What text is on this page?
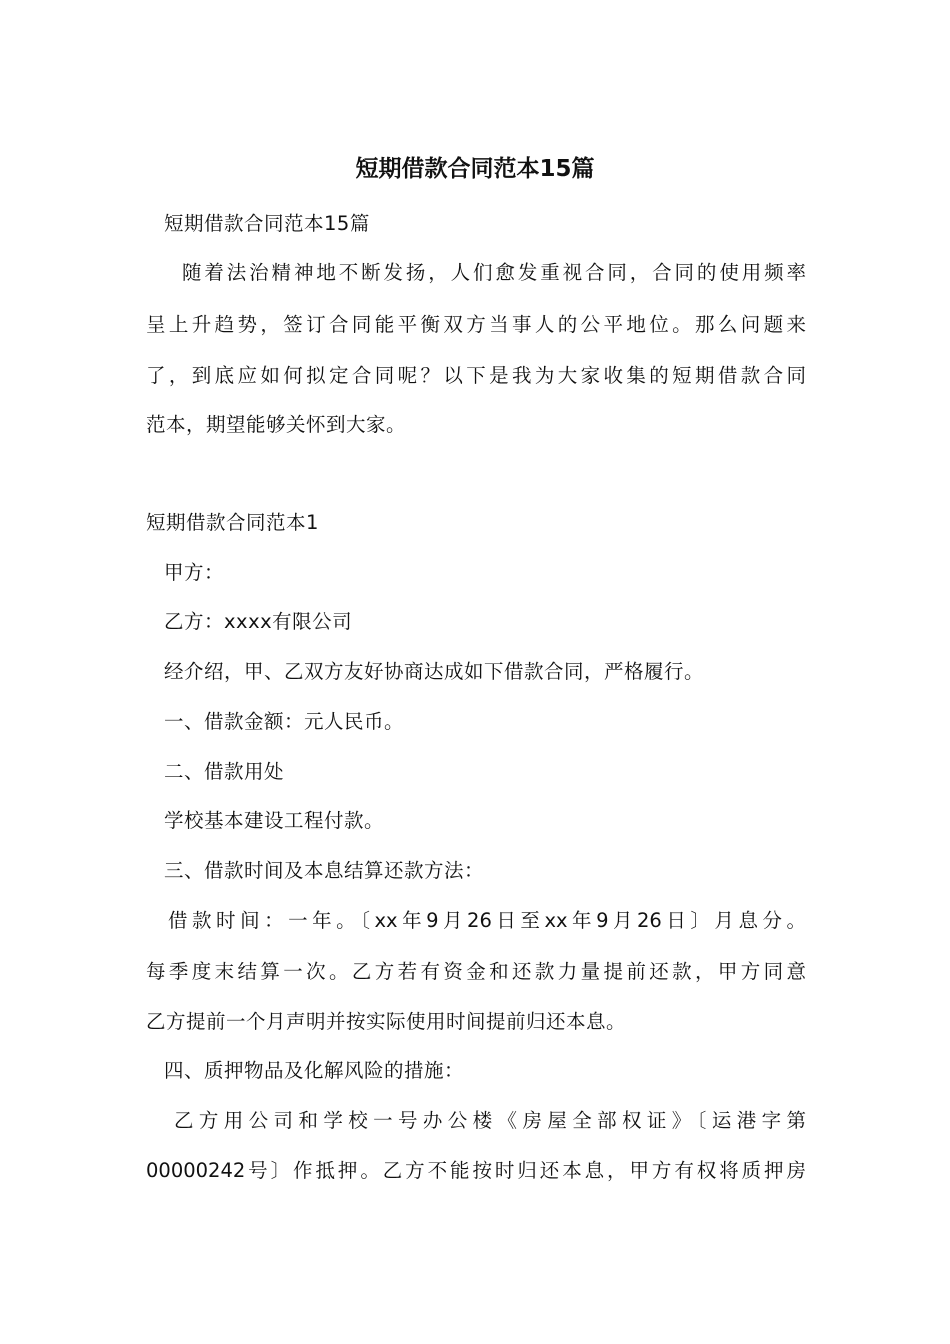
短期借款合同范本15篇
短期借款合同范本15篇
随着法治精神地不断发扬，人们愈发重视合同，合同的使用频率
呈上升趋势，签订合同能平衡双方当事人的公平地位。那么问题来
了，到底应如何拟定合同呢？以下是我为大家收集的短期借款合同
范本，期望能够关怀到大家。
短期借款合同范本1
甲方：
乙方：xxxx有限公司
经介绍，甲、乙双方友好协商达成如下借款合同，严格履行。
一、借款金额：元人民币。
二、借款用处
学校基本建设工程付款。
三、借款时间及本息结算还款方法：
借款时间：一年。〔xx年9月26日至xx年9月26日〕月息分。
每季度末结算一次。乙方若有资金和还款力量提前还款，甲方同意
乙方提前一个月声明并按实际使用时间提前归还本息。
四、质押物品及化解风险的措施：
乙方用公司和学校一号办公楼《房屋全部权证》〔运港字第
00000242号〕作抵押。乙方不能按时归还本息，甲方有权将质押房
